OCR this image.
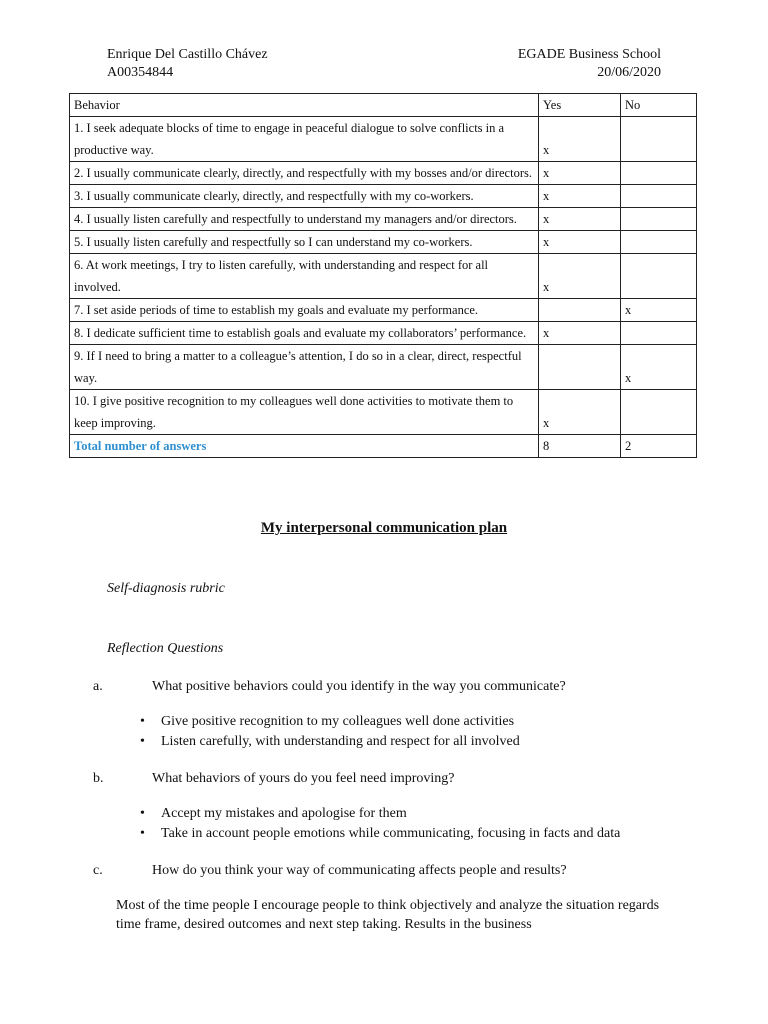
Enrique Del Castillo Chávez
A00354844
EGADE Business School
20/06/2020
Behavior	Yes	No
1. I seek adequate blocks of time to engage in peaceful dialogue to solve conflicts in a productive way.	x	
2. I usually communicate clearly, directly, and respectfully with my bosses and/or directors.	x	
3. I usually communicate clearly, directly, and respectfully with my co-workers.	x	
4. I usually listen carefully and respectfully to understand my managers and/or directors.	x	
5. I usually listen carefully and respectfully so I can understand my co-workers.	x	
6. At work meetings, I try to listen carefully, with understanding and respect for all involved.	x	
7. I set aside periods of time to establish my goals and evaluate my performance.		x
8. I dedicate sufficient time to establish goals and evaluate my collaborators’ performance.	x	
9. If I need to bring a matter to a colleague’s attention, I do so in a clear, direct, respectful way.		x
10. I give positive recognition to my colleagues well done activities to motivate them to keep improving.	x	
Total number of answers	8	2
My interpersonal communication plan
Self-diagnosis rubric
Reflection Questions
a.	What positive behaviors could you identify in the way you communicate?
• Give positive recognition to my colleagues well done activities
• Listen carefully, with understanding and respect for all involved
b.	What behaviors of yours do you feel need improving?
• Accept my mistakes and apologise for them
• Take in account people emotions while communicating, focusing in facts and data
c.	How do you think your way of communicating affects people and results?
Most of the time people I encourage people to think objectively and analyze the situation regards time frame, desired outcomes and next step taking. Results in the business
